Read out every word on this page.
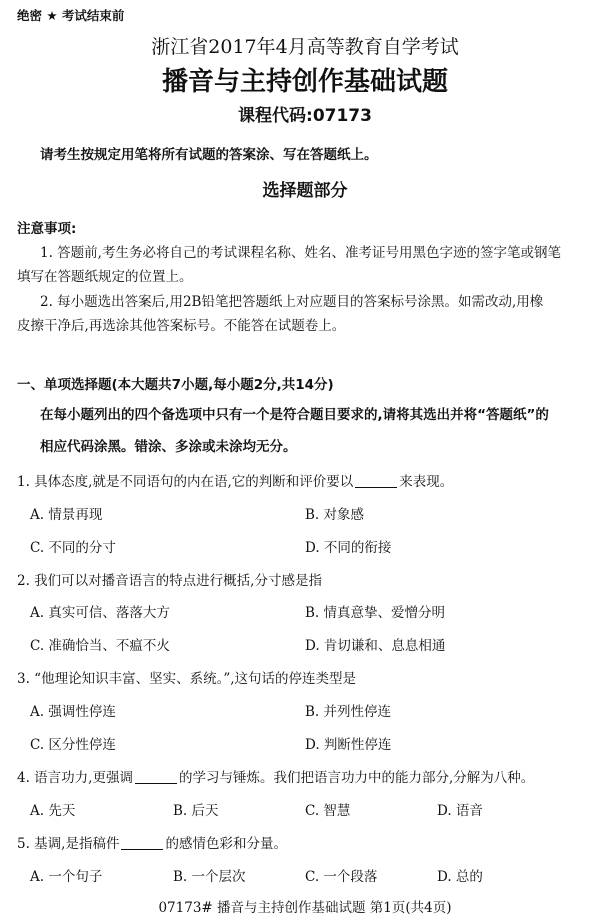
绝密 ★ 考试结束前
浙江省2017年4月高等教育自学考试
播音与主持创作基础试题
课程代码:07173
请考生按规定用笔将所有试题的答案涂、写在答题纸上。
选择题部分
注意事项:
1. 答题前,考生务必将自己的考试课程名称、姓名、准考证号用黑色字迹的签字笔或钢笔
填写在答题纸规定的位置上。
2. 每小题选出答案后,用2B铅笔把答题纸上对应题目的答案标号涂黑。如需改动,用橡
皮擦干净后,再选涂其他答案标号。不能答在试题卷上。
一、单项选择题(本大题共7小题,每小题2分,共14分)
在每小题列出的四个备选项中只有一个是符合题目要求的,请将其选出并将“答题纸”的
相应代码涂黑。错涂、多涂或未涂均无分。
1. 具体态度,就是不同语句的内在语,它的判断和评价要以	来表现。
A. 情景再现	B. 对象感
C. 不同的分寸	D. 不同的衔接
2. 我们可以对播音语言的特点进行概括,分寸感是指
A. 真实可信、落落大方	B. 情真意挚、爱憎分明
C. 准确恰当、不瘟不火	D. 肯切谦和、息息相通
3. “他理论知识丰富、坚实、系统。”,这句话的停连类型是
A. 强调性停连	B. 并列性停连
C. 区分性停连	D. 判断性停连
4. 语言功力,更强调	的学习与锤炼。我们把语言功力中的能力部分,分解为八种。
A. 先天	B. 后天	C. 智慧	D. 语音
5. 基调,是指稿件	的感情色彩和分量。
A. 一个句子	B. 一个层次	C. 一个段落	D. 总的
07173# 播音与主持创作基础试题 第1页(共4页)
